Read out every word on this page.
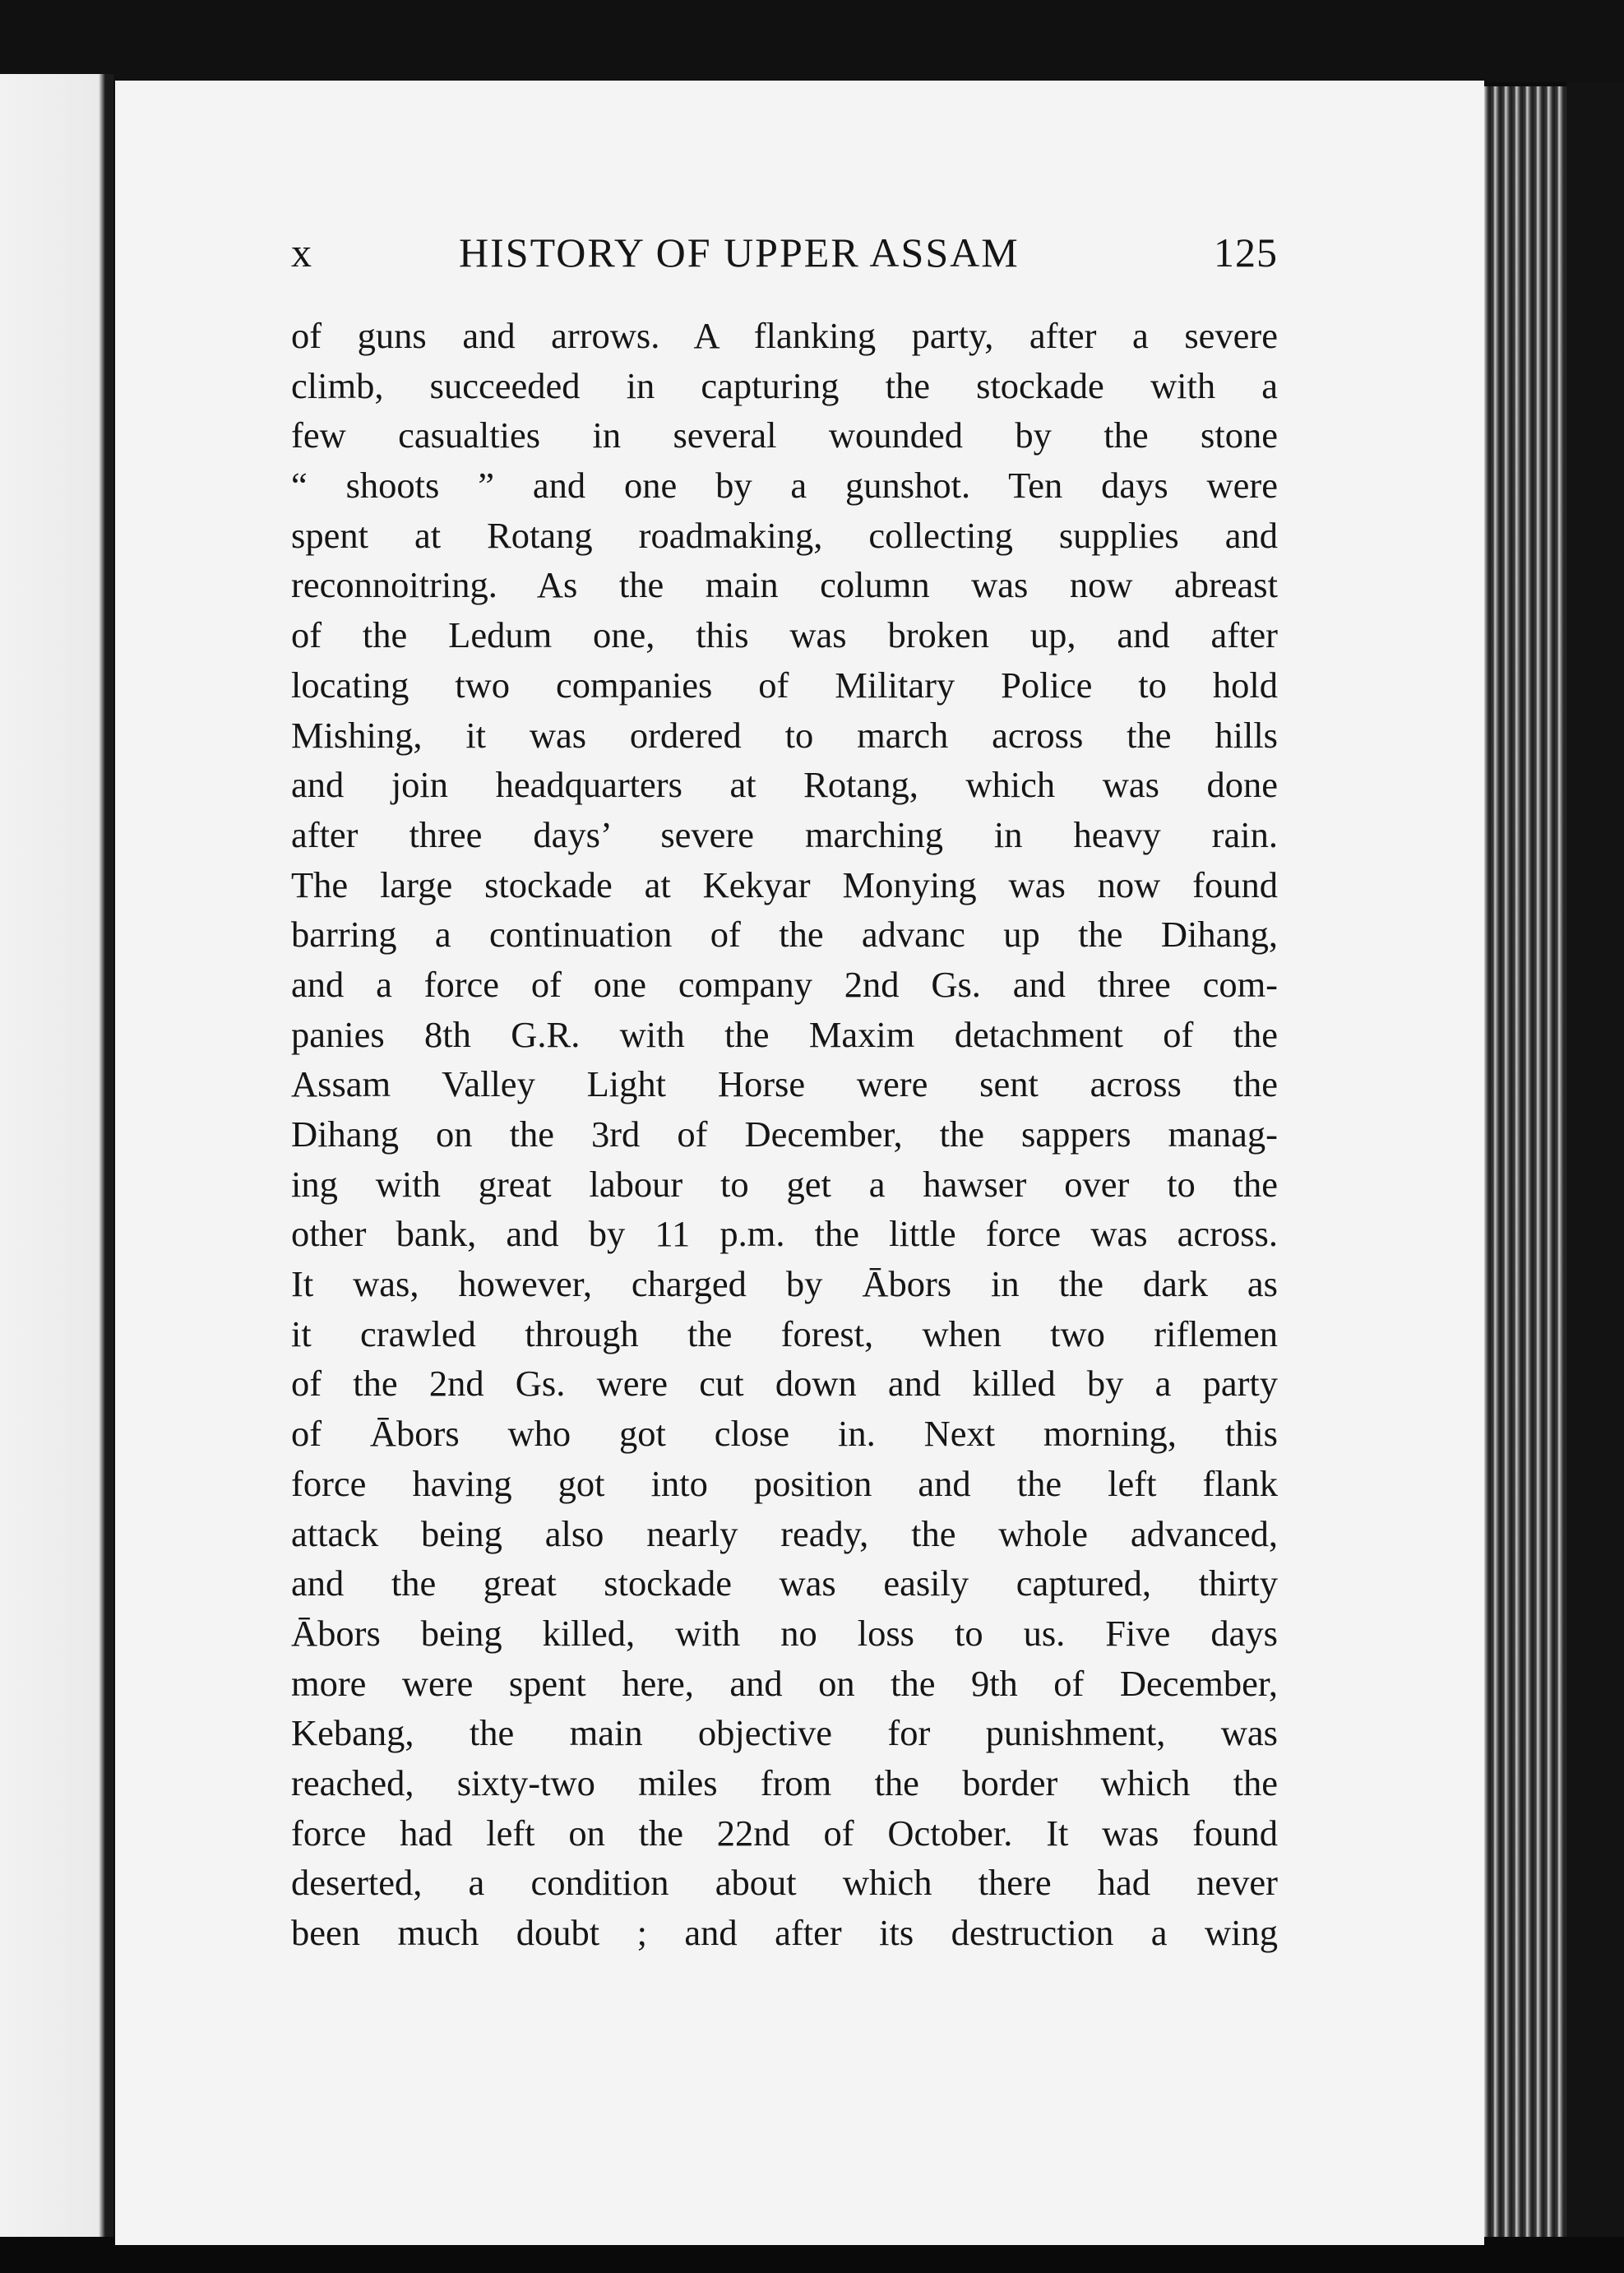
x	HISTORY OF UPPER ASSAM	125
of guns and arrows. A flanking party, after a severe
climb, succeeded in capturing the stockade with a
few casualties in several wounded by the stone
“ shoots ” and one by a gunshot. Ten days were
spent at Rotang roadmaking, collecting supplies and
reconnoitring. As the main column was now abreast
of the Ledum one, this was broken up, and after
locating two companies of Military Police to hold
Mishing, it was ordered to march across the hills
and join headquarters at Rotang, which was done
after three days’ severe marching in heavy rain.
The large stockade at Kekyar Monying was now found
barring a continuation of the advanc up the Dihang,
and a force of one company 2nd Gs. and three com-
panies 8th G.R. with the Maxim detachment of the
Assam Valley Light Horse were sent across the
Dihang on the 3rd of December, the sappers manag-
ing with great labour to get a hawser over to the
other bank, and by 11 p.m. the little force was across.
It was, however, charged by Ābors in the dark as
it crawled through the forest, when two riflemen
of the 2nd Gs. were cut down and killed by a party
of Ābors who got close in. Next morning, this
force having got into position and the left flank
attack being also nearly ready, the whole advanced,
and the great stockade was easily captured, thirty
Ābors being killed, with no loss to us. Five days
more were spent here, and on the 9th of December,
Kebang, the main objective for punishment, was
reached, sixty-two miles from the border which the
force had left on the 22nd of October. It was found
deserted, a condition about which there had never
been much doubt ; and after its destruction a wing
